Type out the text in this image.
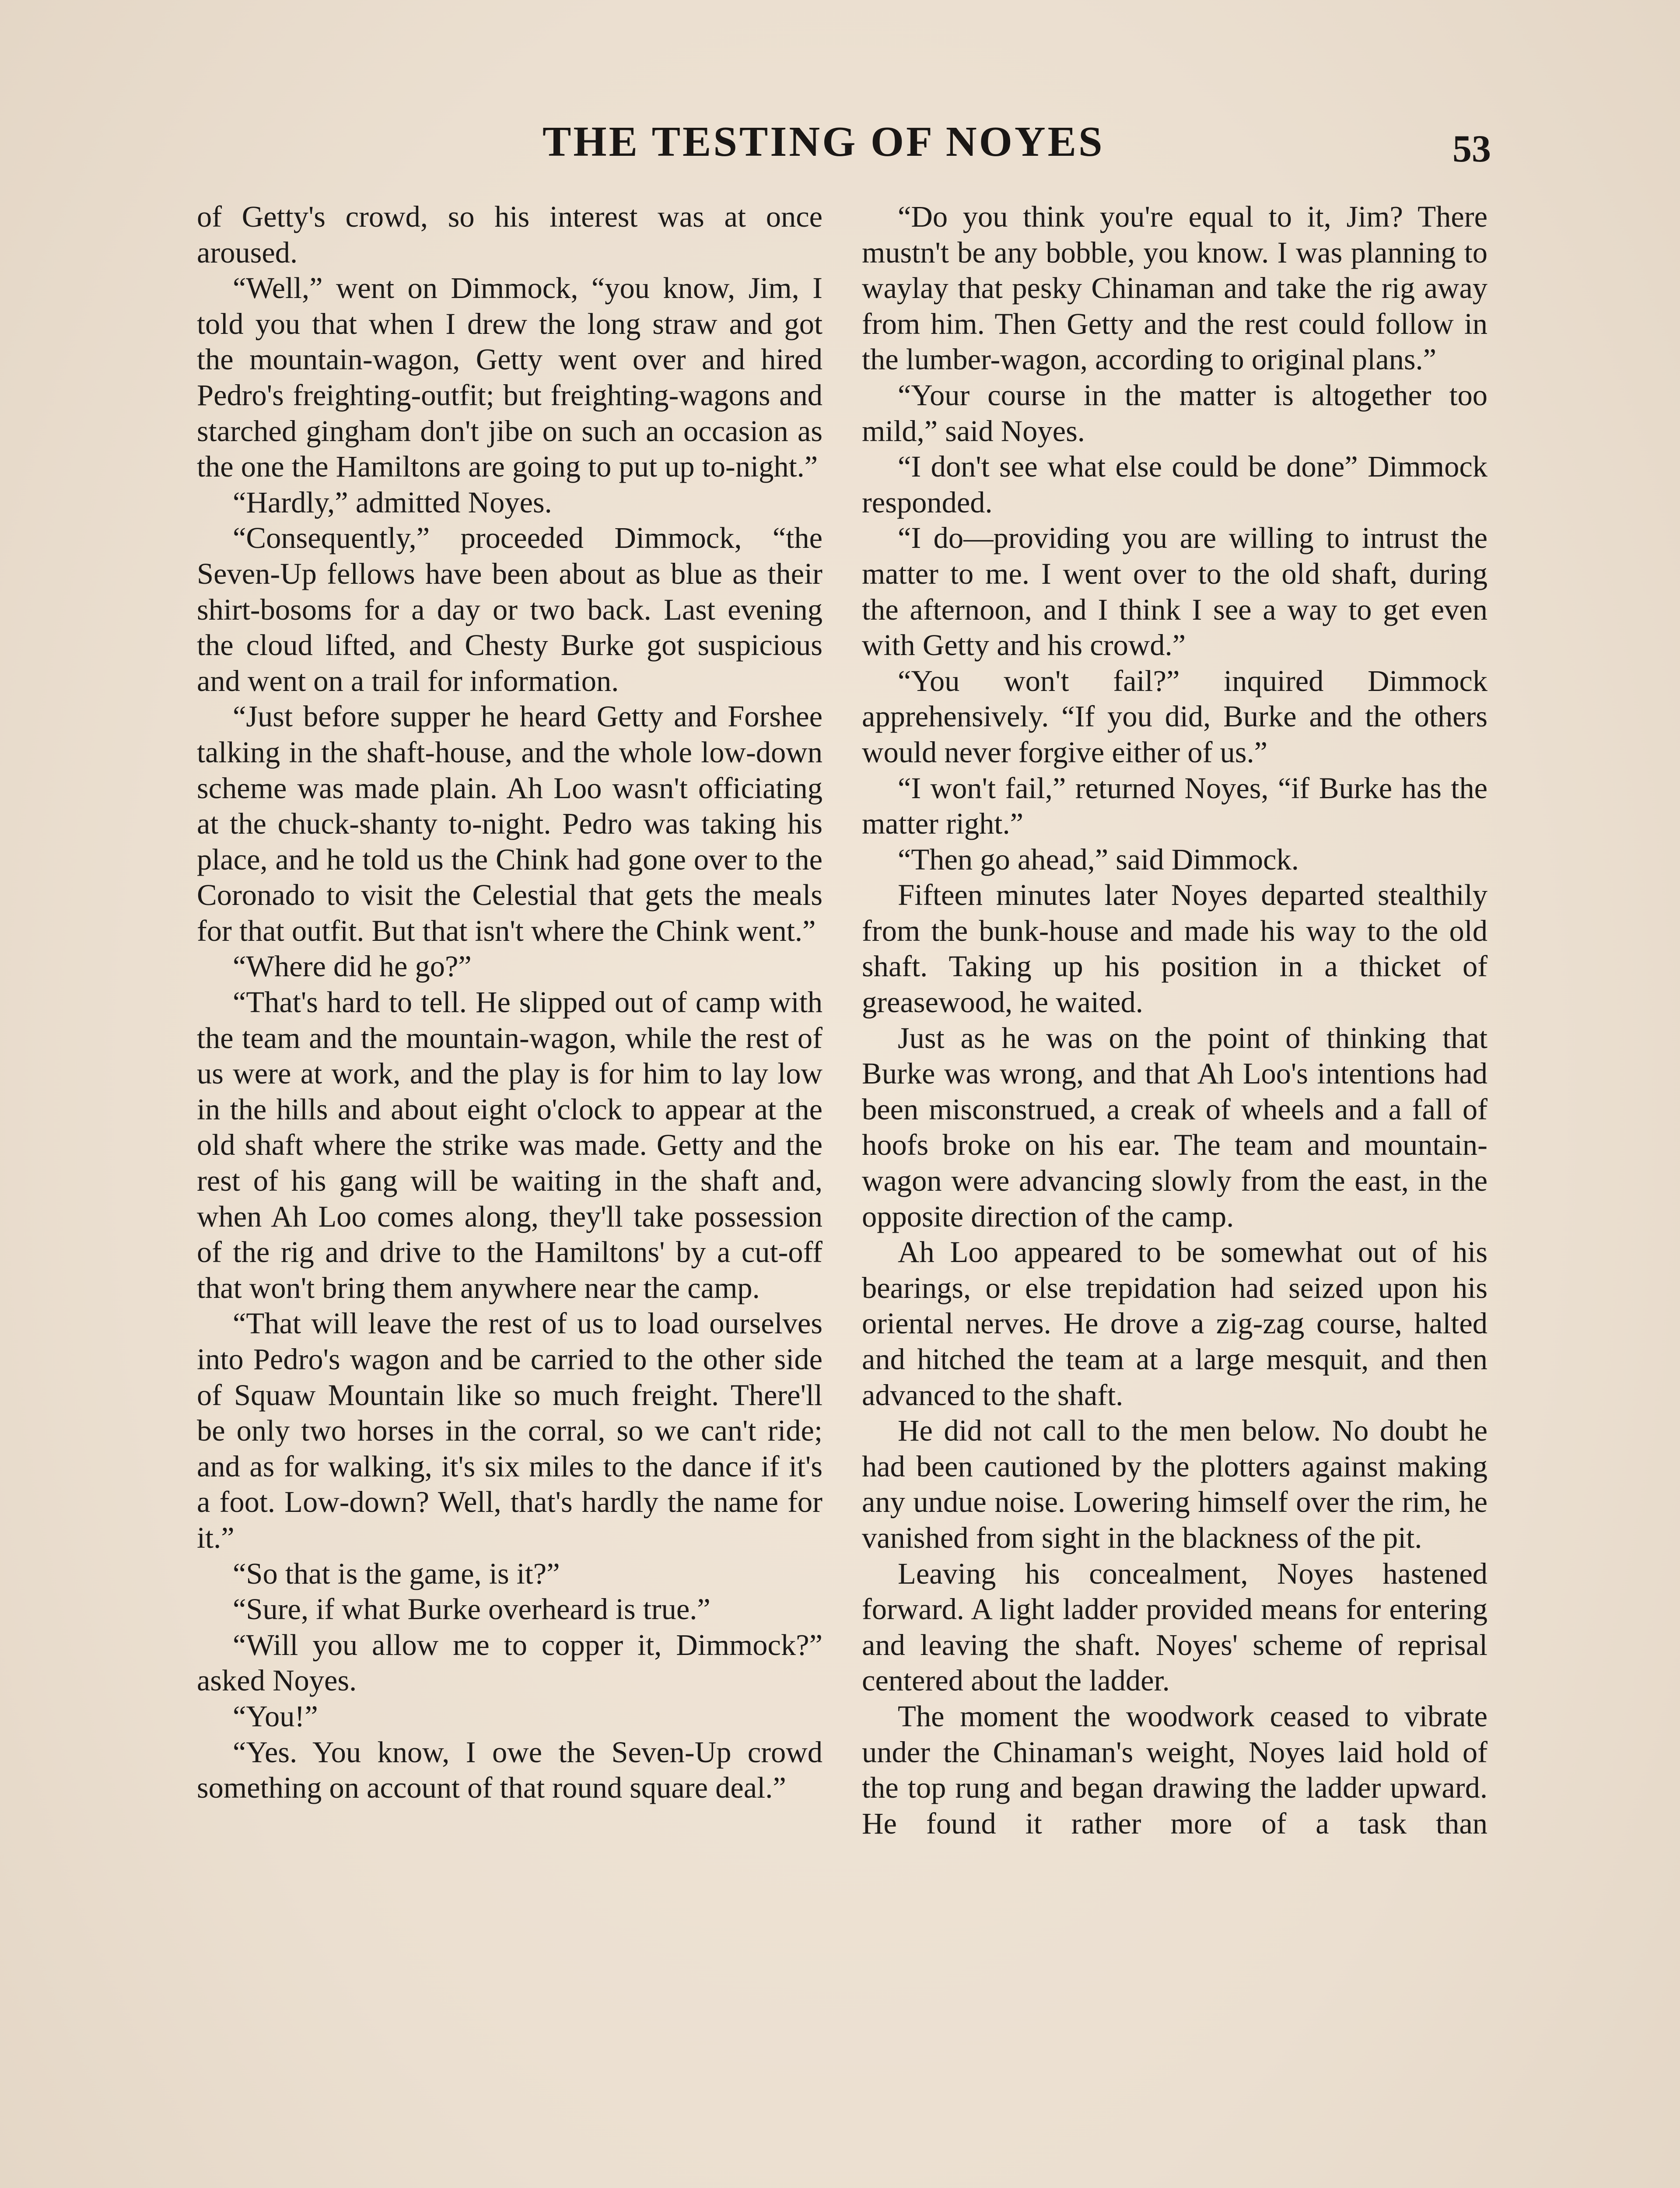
THE TESTING OF NOYES	53

of Getty's crowd, so his interest was at once aroused.

“Well,” went on Dimmock, “you know, Jim, I told you that when I drew the long straw and got the mountain-wagon, Getty went over and hired Pedro's freighting-outfit; but freighting-wagons and starched gingham don't jibe on such an occasion as the one the Hamiltons are going to put up to-night.”

“Hardly,” admitted Noyes.

“Consequently,” proceeded Dimmock, “the Seven-Up fellows have been about as blue as their shirt-bosoms for a day or two back. Last evening the cloud lifted, and Chesty Burke got suspicious and went on a trail for information.

“Just before supper he heard Getty and Forshee talking in the shaft-house, and the whole low-down scheme was made plain. Ah Loo wasn't officiating at the chuck-shanty to-night. Pedro was taking his place, and he told us the Chink had gone over to the Coronado to visit the Celestial that gets the meals for that outfit. But that isn't where the Chink went.”

“Where did he go?”

“That's hard to tell. He slipped out of camp with the team and the mountain-wagon, while the rest of us were at work, and the play is for him to lay low in the hills and about eight o'clock to appear at the old shaft where the strike was made. Getty and the rest of his gang will be waiting in the shaft and, when Ah Loo comes along, they'll take possession of the rig and drive to the Hamiltons' by a cut-off that won't bring them anywhere near the camp.

“That will leave the rest of us to load ourselves into Pedro's wagon and be carried to the other side of Squaw Mountain like so much freight. There'll be only two horses in the corral, so we can't ride; and as for walking, it's six miles to the dance if it's a foot. Low-down? Well, that's hardly the name for it.”

“So that is the game, is it?”

“Sure, if what Burke overheard is true.”

“Will you allow me to copper it, Dimmock?” asked Noyes.

“You!”

“Yes. You know, I owe the Seven-Up crowd something on account of that round square deal.”

“Do you think you're equal to it, Jim? There mustn't be any bobble, you know. I was planning to waylay that pesky Chinaman and take the rig away from him. Then Getty and the rest could follow in the lumber-wagon, according to original plans.”

“Your course in the matter is altogether too mild,” said Noyes.

“I don't see what else could be done” Dimmock responded.

“I do—providing you are willing to intrust the matter to me. I went over to the old shaft, during the afternoon, and I think I see a way to get even with Getty and his crowd.”

“You won't fail?” inquired Dimmock apprehensively. “If you did, Burke and the others would never forgive either of us.”

“I won't fail,” returned Noyes, “if Burke has the matter right.”

“Then go ahead,” said Dimmock.

Fifteen minutes later Noyes departed stealthily from the bunk-house and made his way to the old shaft. Taking up his position in a thicket of greasewood, he waited.

Just as he was on the point of thinking that Burke was wrong, and that Ah Loo's intentions had been misconstrued, a creak of wheels and a fall of hoofs broke on his ear. The team and mountain-wagon were advancing slowly from the east, in the opposite direction of the camp.

Ah Loo appeared to be somewhat out of his bearings, or else trepidation had seized upon his oriental nerves. He drove a zig-zag course, halted and hitched the team at a large mesquit, and then advanced to the shaft.

He did not call to the men below. No doubt he had been cautioned by the plotters against making any undue noise. Lowering himself over the rim, he vanished from sight in the blackness of the pit.

Leaving his concealment, Noyes hastened forward. A light ladder provided means for entering and leaving the shaft. Noyes' scheme of reprisal centered about the ladder.

The moment the woodwork ceased to vibrate under the Chinaman's weight, Noyes laid hold of the top rung and began drawing the ladder upward. He found it rather more of a task than
